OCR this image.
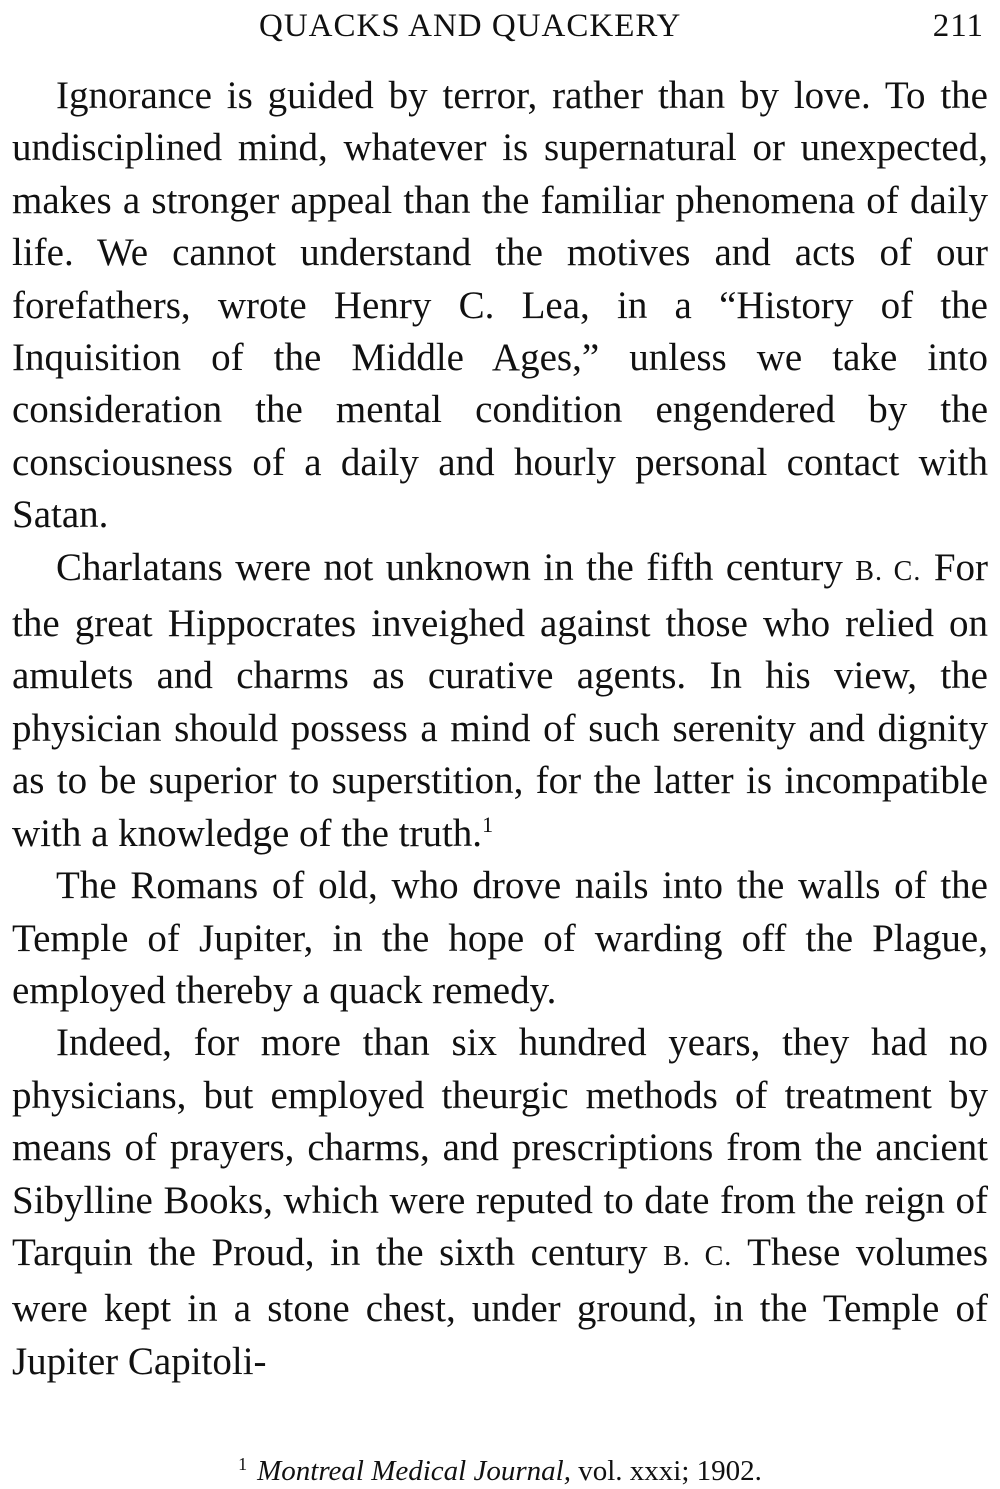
QUACKS AND QUACKERY	211

Ignorance is guided by terror, rather than by love. To the undisciplined mind, whatever is supernatural or unexpected, makes a stronger appeal than the familiar phenomena of daily life. We cannot understand the motives and acts of our forefathers, wrote Henry C. Lea, in a “History of the Inquisition of the Middle Ages,” unless we take into consideration the mental condition engendered by the consciousness of a daily and hourly personal contact with Satan.

Charlatans were not unknown in the fifth century B. C. For the great Hippocrates inveighed against those who relied on amulets and charms as curative agents. In his view, the physician should possess a mind of such serenity and dignity as to be superior to superstition, for the latter is incompatible with a knowledge of the truth.$^1$

The Romans of old, who drove nails into the walls of the Temple of Jupiter, in the hope of warding off the Plague, employed thereby a quack remedy.

Indeed, for more than six hundred years, they had no physicians, but employed theurgic methods of treatment by means of prayers, charms, and prescriptions from the ancient Sibylline Books, which were reputed to date from the reign of Tarquin the Proud, in the sixth century B. C. These volumes were kept in a stone chest, under ground, in the Temple of Jupiter Capitoli-

$^1$ Montreal Medical Journal, vol. xxxi; 1902.
